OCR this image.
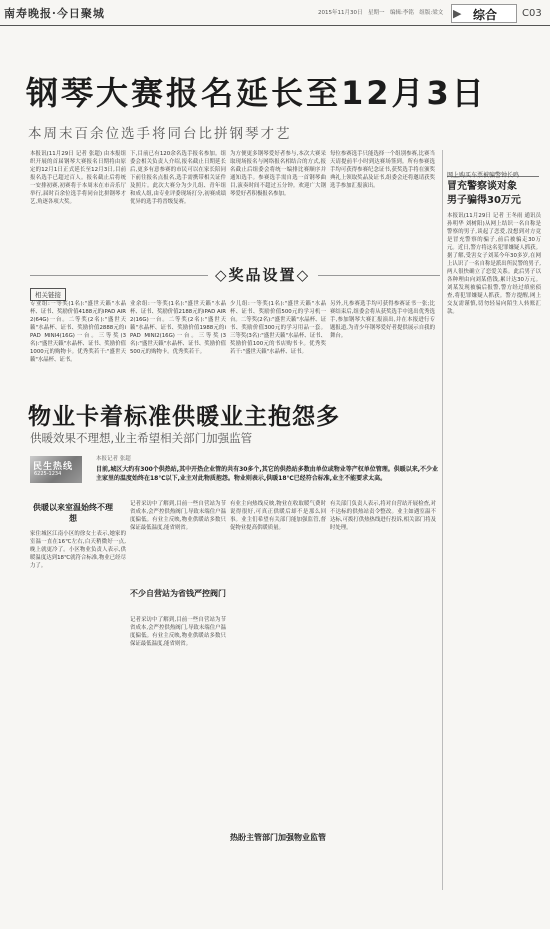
南寿晚报·今日聚城	2015年11月30日　 星期一　 编辑:李铭　 组版:梁文 ▶ 综合 C03
钢琴大赛报名延长至12月3日
本周末百余位选手将同台比拼钢琴才艺
本报讯(11月29日 记者 张超) 由本报组织开展的首届钢琴大赛报名日期将由原定的12月1日正式延长至12月3日,目前报名选手已超过百人。报名截止后将统一安排初赛,初赛将于本周末在市音乐厅举行,届时百余位选手将同台比拼钢琴才艺,角逐各项大奖。
下,目前已有120余名选手报名参加。组委会相关负责人介绍,报名截止日期延长后,更多有意参赛的市民可以在家长陪同下前往报名点报名,选手需携带相关证件及照片。此次大赛分为少儿组、青年组和成人组,由专业评委现场打分,初赛成绩优异的选手将晋级复赛。
为方便更多钢琴爱好者参与,本次大赛采取现场报名与网络报名相结合的方式,报名截止后组委会将统一编排比赛顺序并通知选手。参赛选手需自选一首钢琴曲目,演奏时间不超过五分钟。欢迎广大钢琴爱好者积极报名参加。
每位参赛选手只能选择一个组别参赛,比赛当天请提前半小时到达赛场签到。所有参赛选手均可获得参赛纪念证书,获奖选手将在颁奖典礼上领取奖品及证书,组委会还将邀请获奖选手参加汇报演出。
相关链接
◇奖品设置◇
专业组:一等奖(1名):"盛世天籁"水晶杯、证书、奖励价值4188元的iPAD AIR2(64G)一台。二等奖(2名):"盛世天籁"水晶杯、证书、奖励价值2888元的iPAD MINI4(16G)一台。三等奖(3名):"盛世天籁"水晶杯、证书、奖励价值1000元的购物卡。优秀奖若干:"盛世天籁"水晶杯、证书。
业余组:一等奖(1名):"盛世天籁"水晶杯、证书、奖励价值2188元的iPAD AIR2(16G)一台。二等奖(2名):"盛世天籁"水晶杯、证书、奖励价值1988元的iPAD MINI2(16G)一台。三等奖(3名):"盛世天籁"水晶杯、证书、奖励价值500元的购物卡。优秀奖若干。
少儿组:一等奖(1名):"盛世天籁"水晶杯、证书、奖励价值500元的学习机一台。二等奖(2名):"盛世天籁"水晶杯、证书、奖励价值300元的学习用品一套。三等奖(3名):"盛世天籁"水晶杯、证书、奖励价值100元的书店购书卡。优秀奖若干:"盛世天籁"水晶杯、证书。
另外,凡参赛选手均可获得参赛证书一张;比赛结束后,组委会将从获奖选手中选出优秀选手,参加钢琴大赛汇报演出,并在本报进行专题报道,为青少年钢琴爱好者提供展示自我的舞台。
物业卡着标准供暖业主抱怨多
供暖效果不理想,业主希望相关部门加强监管
民生热线
6225-1234
本报记者 张超
目前,城区大约有300个供热站,其中开热企业管的共有30多个,其它的供热站多数由单位或物业等产权单位管理。供暖以来,不少业主家里的温度始终在18℃以下,业主对此物质抱怨。物业则表示,供暖18℃已经符合标准,业主不能要求太高。
供暖以来室温始终不理想
家住城区江南小区的徐女士表示,她家的室温一直在16℃左右,白天稍微好一点,晚上就更冷了。小区物业负责人表示,供暖温度达到18℃就符合标准,物业已经尽力了。
记者采访中了解到,目前一些自营站为节省成本,会严控供热阀门,导致末端住户温度偏低。有业主反映,物业供暖站多数只保证最低温度,能省则省。
不少自营站为省钱严控阀门
记者采访中了解到,目前一些自营站为节省成本,会严控供热阀门,导致末端住户温度偏低。有业主反映,物业供暖站多数只保证最低温度,能省则省。
有业主向热线反映,物业在收取暖气费时说得很好,可真正供暖后却不是那么回事。业主们希望有关部门能加强监管,督促物业提高供暖质量。
热盼主管部门加强物业监管
有关部门负责人表示,将对自营站开展检查,对不达标的供热站责令整改。业主如遇室温不达标,可拨打供热热线进行投诉,相关部门将及时处理。
网上购买车票被骗警钟长鸣
冒充警察谈对象
男子骗得30万元
本报讯(11月29日 记者 王冬雨 通讯员 孙明华 刘树阳)从网上结识一名自称是警察的男子,谈起了恋爱,没想到对方竟是冒充警察的骗子,前后被骗走30万元。近日,警方将这名犯罪嫌疑人抓获。据了解,受害女子刘某今年30多岁,在网上认识了一名自称是派出所民警的男子,两人很快确立了恋爱关系。此后男子以各种理由向刘某借钱,累计达30万元。刘某发现被骗后报警,警方经过缜密侦查,将犯罪嫌疑人抓获。警方提醒,网上交友需谨慎,切勿轻易向陌生人转账汇款。
